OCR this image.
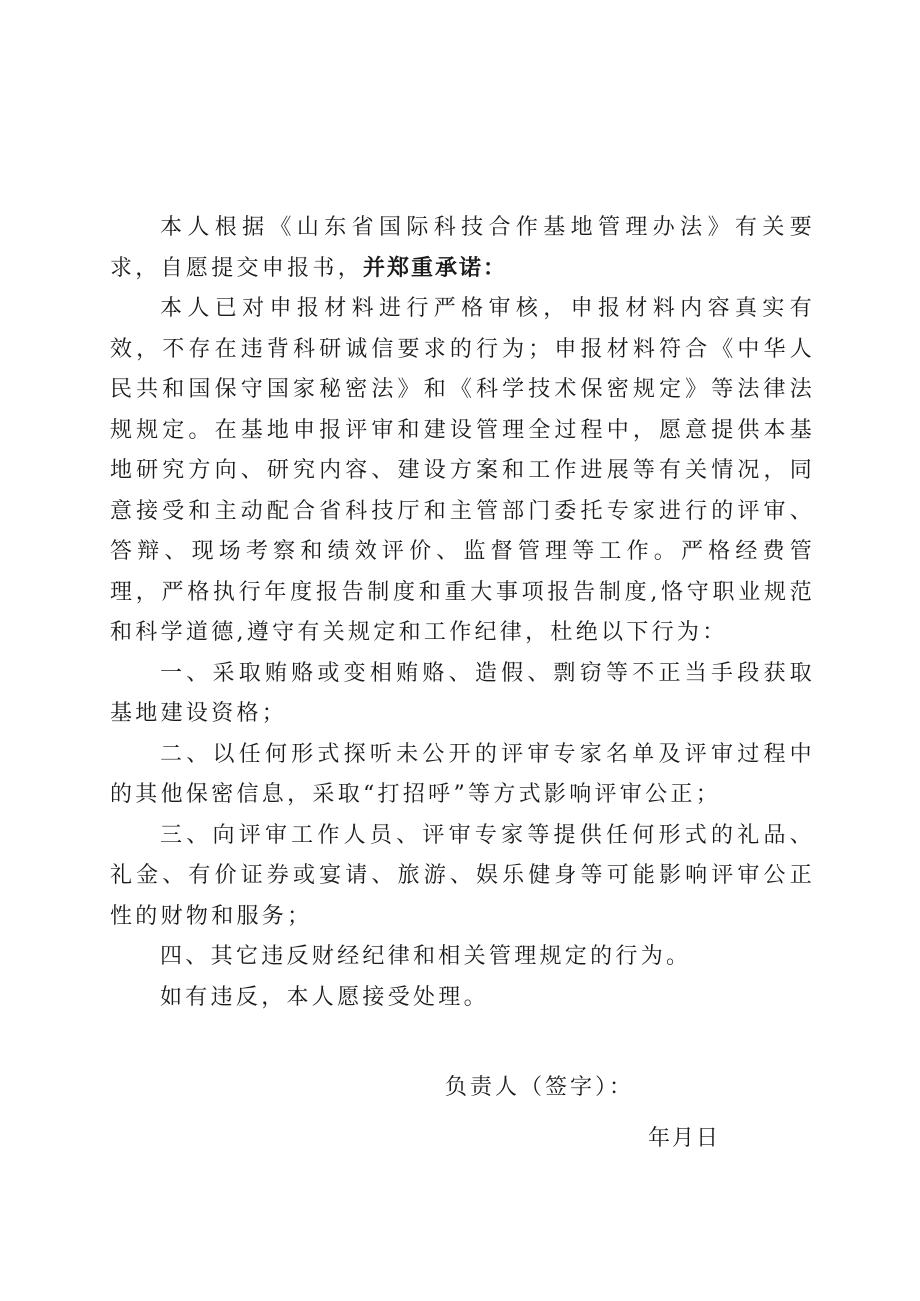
本人根据《山东省国际科技合作基地管理办法》有关要求，自愿提交申报书，并郑重承诺：

本人已对申报材料进行严格审核，申报材料内容真实有效，不存在违背科研诚信要求的行为；申报材料符合《中华人民共和国保守国家秘密法》和《科学技术保密规定》等法律法规规定。在基地申报评审和建设管理全过程中，愿意提供本基地研究方向、研究内容、建设方案和工作进展等有关情况，同意接受和主动配合省科技厅和主管部门委托专家进行的评审、答辩、现场考察和绩效评价、监督管理等工作。严格经费管理，严格执行年度报告制度和重大事项报告制度,恪守职业规范和科学道德,遵守有关规定和工作纪律，杜绝以下行为：

一、采取贿赂或变相贿赂、造假、剽窃等不正当手段获取基地建设资格；

二、以任何形式探听未公开的评审专家名单及评审过程中的其他保密信息，采取“打招呼”等方式影响评审公正；

三、向评审工作人员、评审专家等提供任何形式的礼品、礼金、有价证券或宴请、旅游、娱乐健身等可能影响评审公正性的财物和服务；

四、其它违反财经纪律和相关管理规定的行为。

如有违反，本人愿接受处理。

负责人（签字）：

年月日
